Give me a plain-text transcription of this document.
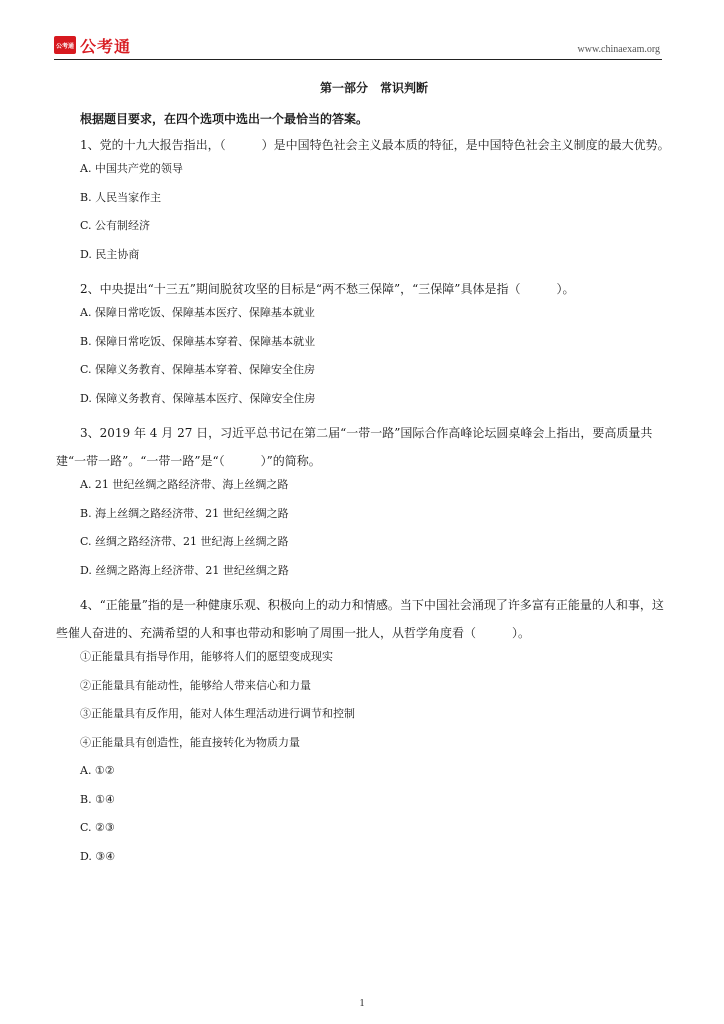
公考通 公考通	www.chinaexam.org
第一部分　常识判断
根据题目要求，在四个选项中选出一个最恰当的答案。
1、党的十九大报告指出，（　　　）是中国特色社会主义最本质的特征，是中国特色社会主义制度的最大优势。
A. 中国共产党的领导
B. 人民当家作主
C. 公有制经济
D. 民主协商
2、中央提出“十三五”期间脱贫攻坚的目标是“两不愁三保障”，“三保障”具体是指（　　　）。
A. 保障日常吃饭、保障基本医疗、保障基本就业
B. 保障日常吃饭、保障基本穿着、保障基本就业
C. 保障义务教育、保障基本穿着、保障安全住房
D. 保障义务教育、保障基本医疗、保障安全住房
3、2019 年 4 月 27 日，习近平总书记在第二届“一带一路”国际合作高峰论坛圆桌峰会上指出，要高质量共建“一带一路”。“一带一路”是“（　　　）”的简称。
A. 21 世纪丝绸之路经济带、海上丝绸之路
B. 海上丝绸之路经济带、21 世纪丝绸之路
C. 丝绸之路经济带、21 世纪海上丝绸之路
D. 丝绸之路海上经济带、21 世纪丝绸之路
4、“正能量”指的是一种健康乐观、积极向上的动力和情感。当下中国社会涌现了许多富有正能量的人和事，这些催人奋进的、充满希望的人和事也带动和影响了周围一批人，从哲学角度看（　　　）。
①正能量具有指导作用，能够将人们的愿望变成现实
②正能量具有能动性，能够给人带来信心和力量
③正能量具有反作用，能对人体生理活动进行调节和控制
④正能量具有创造性，能直接转化为物质力量
A. ①②
B. ①④
C. ②③
D. ③④
1
